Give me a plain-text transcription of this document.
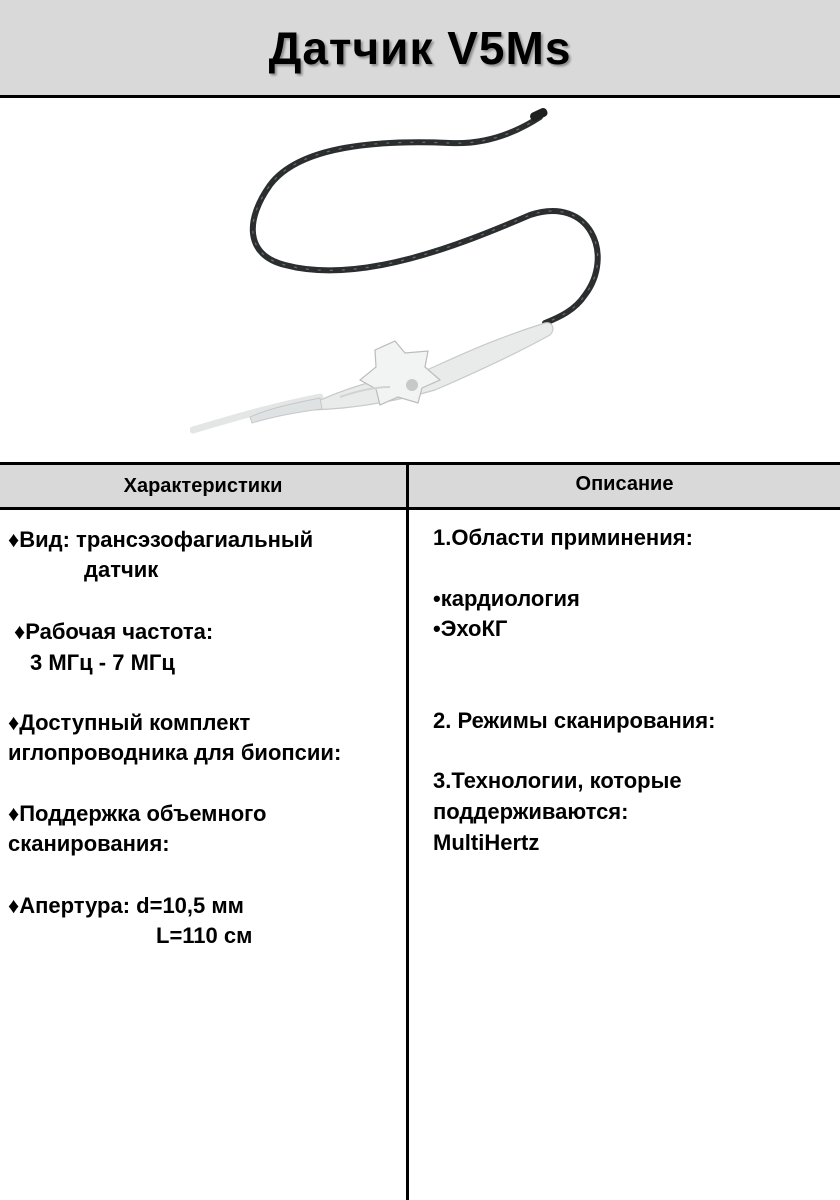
Датчик V5Ms
Характеристики	Описание
♦Вид: трансэзофагиальный
датчик
♦Рабочая частота:
3 МГц - 7 МГц
♦Доступный комплект
иглопроводника для биопсии:
♦Поддержка объемного
сканирования:
♦Апертура: d=10,5 мм
L=110 см
1.Области приминения:
•кардиология
•ЭхоКГ
2. Режимы сканирования:
3.Технологии, которые
поддерживаются:
MultiHertz
